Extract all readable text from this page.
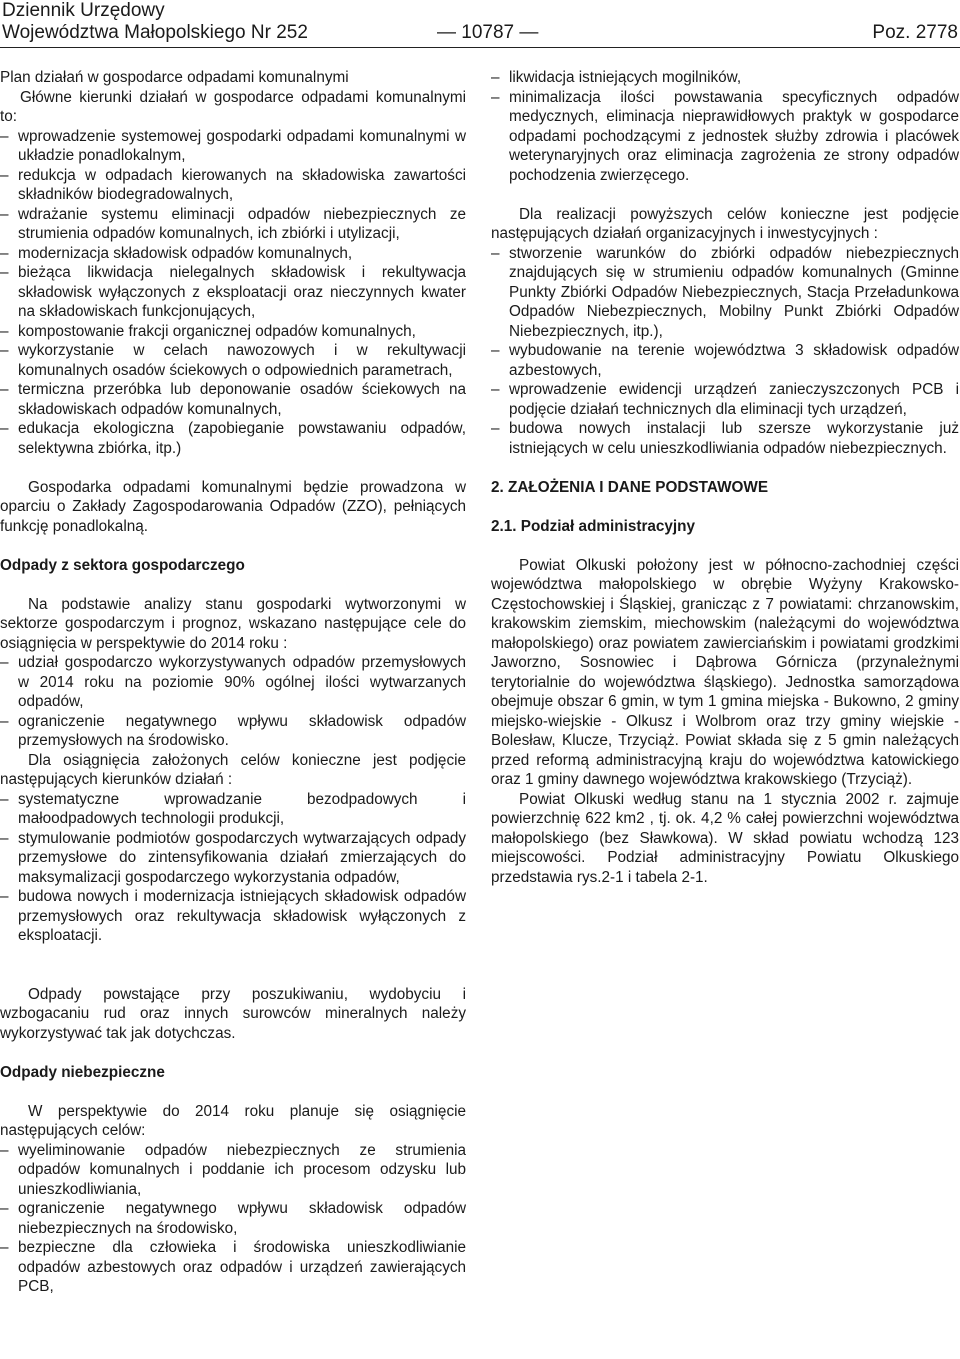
Dziennik Urzędowy
Województwa Małopolskiego Nr 252	— 10787 —	Poz. 2778

Plan działań w gospodarce odpadami komunalnymi

Główne kierunki działań w gospodarce odpadami komunalnymi to:

– wprowadzenie systemowej gospodarki odpadami komunalnymi w układzie ponadlokalnym,

– redukcja w odpadach kierowanych na składowiska zawartości składników biodegradowalnych,

– wdrażanie systemu eliminacji odpadów niebezpiecznych ze strumienia odpadów komunalnych, ich zbiórki i utylizacji,

– modernizacja składowisk odpadów komunalnych,

– bieżąca likwidacja nielegalnych składowisk i rekultywacja składowisk wyłączonych z eksploatacji oraz nieczynnych kwater na składowiskach funkcjonujących,

– kompostowanie frakcji organicznej odpadów komunalnych,

– wykorzystanie w celach nawozowych i w rekultywacji komunalnych osadów ściekowych o odpowiednich parametrach,

– termiczna przeróbka lub deponowanie osadów ściekowych na składowiskach odpadów komunalnych,

– edukacja ekologiczna (zapobieganie powstawaniu odpadów, selektywna zbiórka, itp.)

Gospodarka odpadami komunalnymi będzie prowadzona w oparciu o Zakłady Zagospodarowania Odpadów (ZZO), pełniących funkcję ponadlokalną.

Odpady z sektora gospodarczego

Na podstawie analizy stanu gospodarki wytworzonymi w sektorze gospodarczym i prognoz, wskazano następujące cele do osiągnięcia w perspektywie do 2014 roku :

– udział gospodarczo wykorzystywanych odpadów przemysłowych w 2014 roku na poziomie 90% ogólnej ilości wytwarzanych odpadów,

– ograniczenie negatywnego wpływu składowisk odpadów przemysłowych na środowisko.

Dla osiągnięcia założonych celów konieczne jest podjęcie następujących kierunków działań :

– systematyczne wprowadzanie bezodpadowych i małoodpadowych technologii produkcji,

– stymulowanie podmiotów gospodarczych wytwarzających odpady przemysłowe do zintensyfikowania działań zmierzających do maksymalizacji gospodarczego wykorzystania odpadów,

– budowa nowych i modernizacja istniejących składowisk odpadów przemysłowych oraz rekultywacja składowisk wyłączonych z eksploatacji.

Odpady powstające przy poszukiwaniu, wydobyciu i wzbogacaniu rud oraz innych surowców mineralnych należy wykorzystywać tak jak dotychczas.

Odpady niebezpieczne

W perspektywie do 2014 roku planuje się osiągnięcie następujących celów:

– wyeliminowanie odpadów niebezpiecznych ze strumienia odpadów komunalnych i poddanie ich procesom odzysku lub unieszkodliwiania,

– ograniczenie negatywnego wpływu składowisk odpadów niebezpiecznych na środowisko,

– bezpieczne dla człowieka i środowiska unieszkodliwianie odpadów azbestowych oraz odpadów i urządzeń zawierających PCB,

– likwidacja istniejących mogilników,

– minimalizacja ilości powstawania specyficznych odpadów medycznych, eliminacja nieprawidłowych praktyk w gospodarce odpadami pochodzącymi z jednostek służby zdrowia i placówek weterynaryjnych oraz eliminacja zagrożenia ze strony odpadów pochodzenia zwierzęcego.

Dla realizacji powyższych celów konieczne jest podjęcie następujących działań organizacyjnych i inwestycyjnych :

– stworzenie warunków do zbiórki odpadów niebezpiecznych znajdujących się w strumieniu odpadów komunalnych (Gminne Punkty Zbiórki Odpadów Niebezpiecznych, Stacja Przeładunkowa Odpadów Niebezpiecznych, Mobilny Punkt Zbiórki Odpadów Niebezpiecznych, itp.),

– wybudowanie na terenie województwa 3 składowisk odpadów azbestowych,

– wprowadzenie ewidencji urządzeń zanieczyszczonych PCB i podjęcie działań technicznych dla eliminacji tych urządzeń,

– budowa nowych instalacji lub szersze wykorzystanie już istniejących w celu unieszkodliwiania odpadów niebezpiecznych.

2. ZAŁOŻENIA I DANE PODSTAWOWE

2.1. Podział administracyjny

Powiat Olkuski położony jest w północno-zachodniej części województwa małopolskiego w obrębie Wyżyny Krakowsko-Częstochowskiej i Śląskiej, granicząc z 7 powiatami: chrzanowskim, krakowskim ziemskim, miechowskim (należącymi do województwa małopolskiego) oraz powiatem zawierciańskim i powiatami grodzkimi Jaworzno, Sosnowiec i Dąbrowa Górnicza (przynależnymi terytorialnie do województwa śląskiego). Jednostka samorządowa obejmuje obszar 6 gmin, w tym 1 gmina miejska - Bukowno, 2 gminy miejsko-wiejskie - Olkusz i Wolbrom oraz trzy gminy wiejskie - Bolesław, Klucze, Trzyciąż. Powiat składa się z 5 gmin należących przed reformą administracyjną kraju do województwa katowickiego oraz 1 gminy dawnego województwa krakowskiego (Trzyciąż).

Powiat Olkuski według stanu na 1 stycznia 2002 r. zajmuje powierzchnię 622 km2 , tj. ok. 4,2 % całej powierzchni województwa małopolskiego (bez Sławkowa). W skład powiatu wchodzą 123 miejscowości. Podział administracyjny Powiatu Olkuskiego przedstawia rys.2-1 i tabela 2-1.
